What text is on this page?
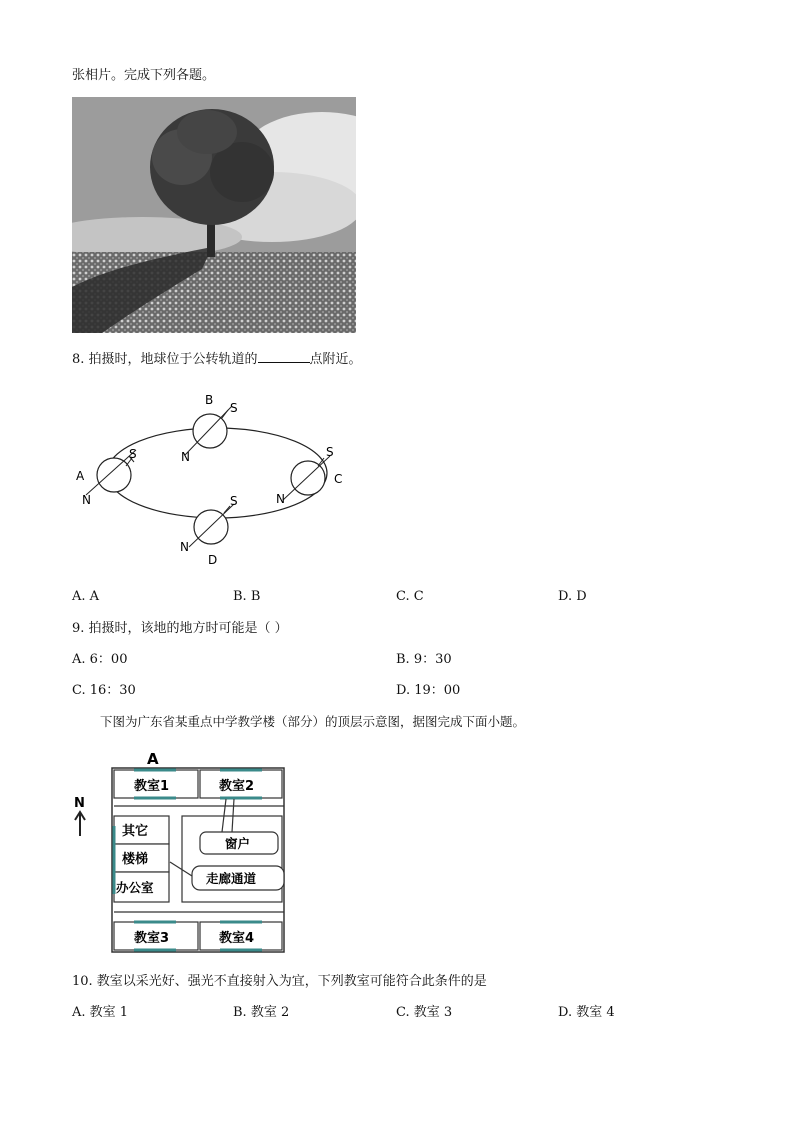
张相片。完成下列各题。
8. 拍摄时，地球位于公转轨道的	点附近。
A
N
S
B
N
S
C
N
S
D
N
S
A. A	B. B	C. C	D. D
9. 拍摄时，该地的地方时可能是（ ）
A. 6：00	B. 9：30
C. 16：30	D. 19：00
下图为广东省某重点中学教学楼（部分）的顶层示意图，据图完成下面小题。
A
N
教室1	教室2
教室3	教室4
其它
楼梯
办公室
窗户
走廊通道
10. 教室以采光好、强光不直接射入为宜，下列教室可能符合此条件的是
A. 教室 1	B. 教室 2	C. 教室 3	D. 教室 4
